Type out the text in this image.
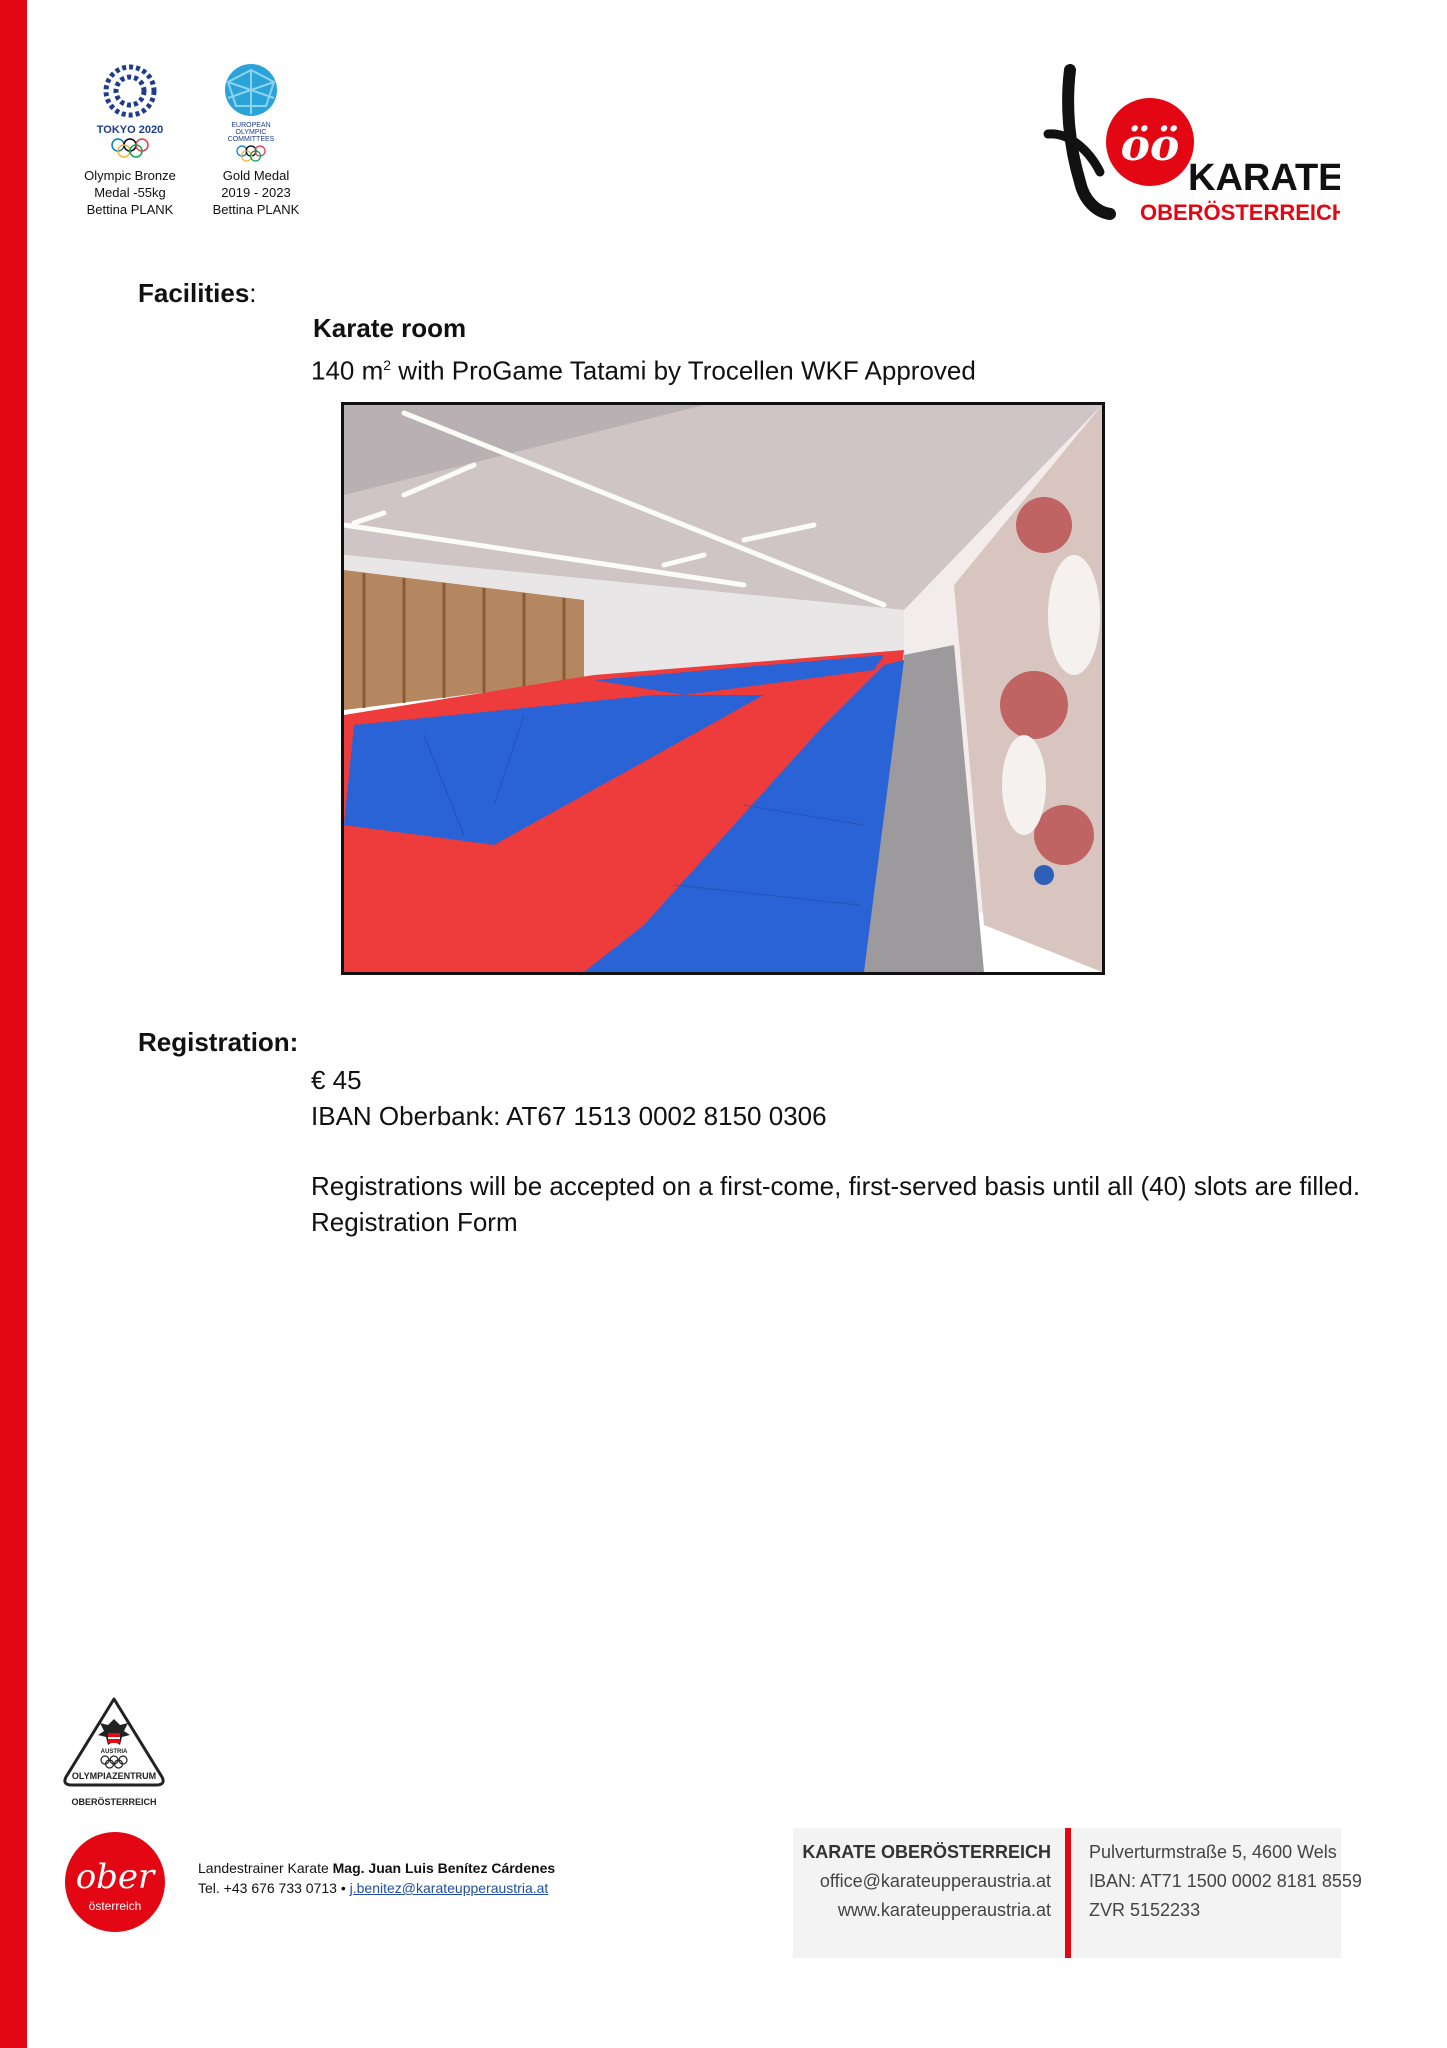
TOKYO 2020
Olympic Bronze
Medal -55kg
Bettina PLANK
EUROPEAN
OLYMPIC
COMMITTEES
Gold Medal
2019 - 2023
Bettina PLANK
öö
KARATE
OBERÖSTERREICH
Facilities:
Karate room
140 $m^2$ with ProGame Tatami by Trocellen WKF Approved
Registration:
€ 45
IBAN Oberbank: AT67 1513 0002 8150 0306
Registrations will be accepted on a first-come, first-served basis until all (40) slots are filled.
Registration Form
AUSTRIA
OLYMPIAZENTRUM
OBERÖSTERREICH
ober
österreich
Landestrainer Karate Mag. Juan Luis Benítez Cárdenes
Tel. +43 676 733 0713 • j.benitez@karateupperaustria.at
KARATE OBERÖSTERREICH
office@karateupperaustria.at
www.karateupperaustria.at
Pulverturmstraße 5, 4600 Wels
IBAN: AT71 1500 0002 8181 8559
ZVR 5152233
